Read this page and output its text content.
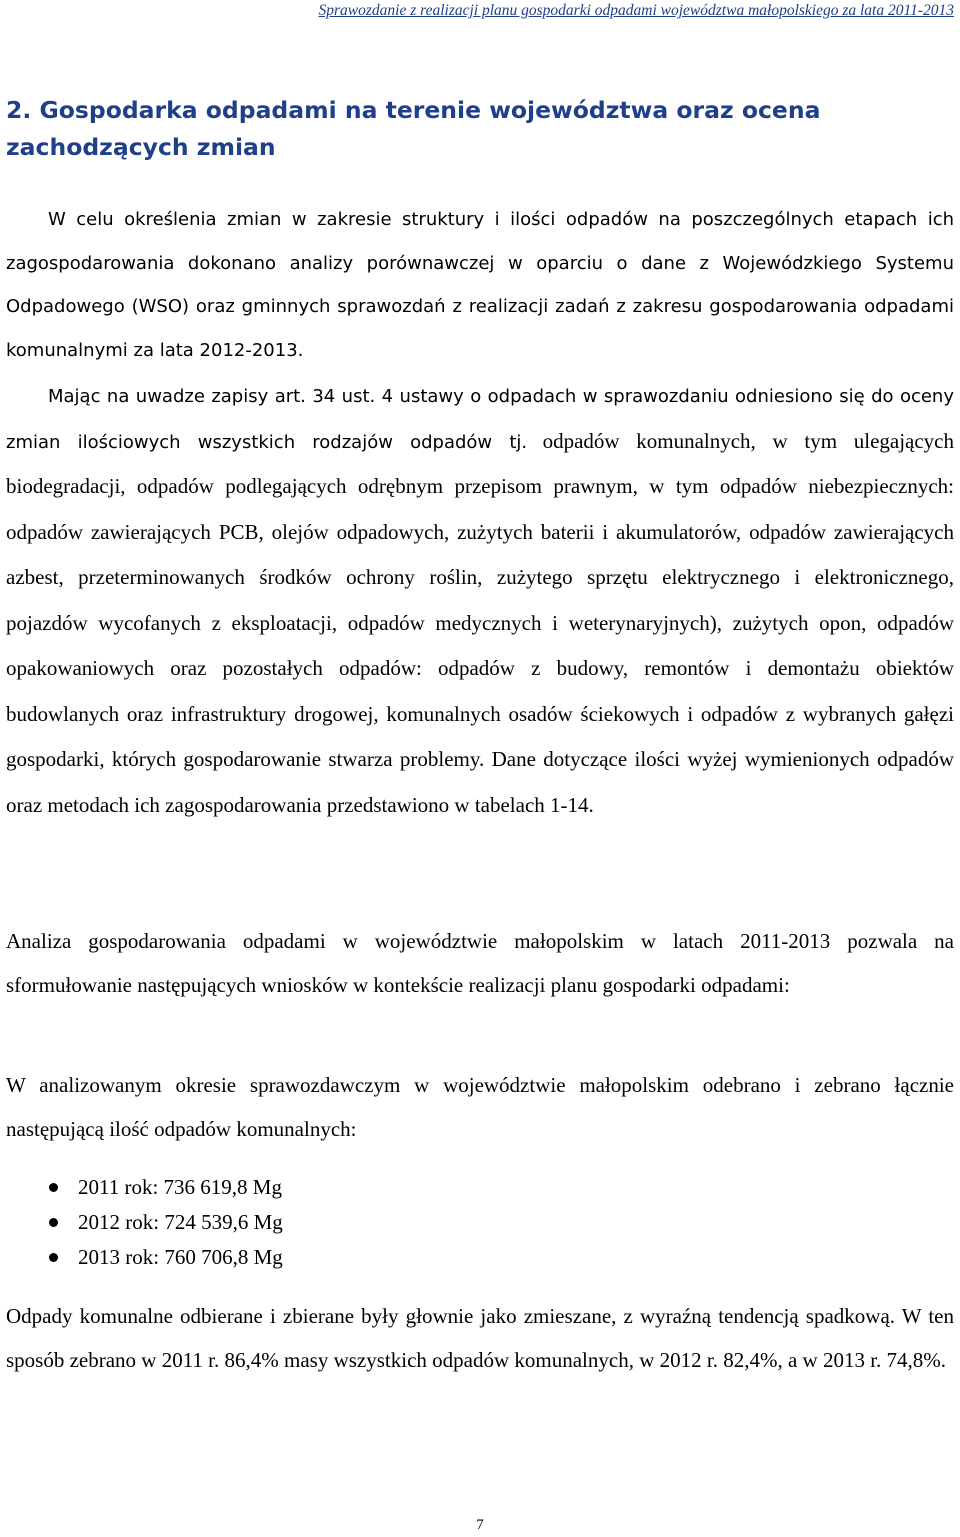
Sprawozdanie z realizacji planu gospodarki odpadami województwa małopolskiego za lata 2011-2013
2. Gospodarka odpadami na terenie województwa oraz ocena zachodzących zmian
W celu określenia zmian w zakresie struktury i ilości odpadów na poszczególnych etapach ich zagospodarowania dokonano analizy porównawczej w oparciu o dane z Wojewódzkiego Systemu Odpadowego (WSO) oraz gminnych sprawozdań z realizacji zadań z zakresu gospodarowania odpadami komunalnymi za lata 2012-2013.
Mając na uwadze zapisy art. 34 ust. 4 ustawy o odpadach w sprawozdaniu odniesiono się do oceny zmian ilościowych wszystkich rodzajów odpadów tj. odpadów komunalnych, w tym ulegających biodegradacji, odpadów podlegających odrębnym przepisom prawnym, w tym odpadów niebezpiecznych: odpadów zawierających PCB, olejów odpadowych, zużytych baterii i akumulatorów, odpadów zawierających azbest, przeterminowanych środków ochrony roślin, zużytego sprzętu elektrycznego i elektronicznego, pojazdów wycofanych z eksploatacji, odpadów medycznych i weterynaryjnych), zużytych opon, odpadów opakowaniowych oraz pozostałych odpadów: odpadów z budowy, remontów i demontażu obiektów budowlanych oraz infrastruktury drogowej, komunalnych osadów ściekowych i odpadów z wybranych gałęzi gospodarki, których gospodarowanie stwarza problemy. Dane dotyczące ilości wyżej wymienionych odpadów oraz metodach ich zagospodarowania przedstawiono w tabelach 1-14.
Analiza gospodarowania odpadami w województwie małopolskim w latach 2011-2013 pozwala na sformułowanie następujących wniosków w kontekście realizacji planu gospodarki odpadami:
W analizowanym okresie sprawozdawczym w województwie małopolskim odebrano i zebrano łącznie następującą ilość odpadów komunalnych:
2011 rok: 736 619,8 Mg
2012 rok: 724 539,6 Mg
2013 rok: 760 706,8 Mg
Odpady komunalne odbierane i zbierane były głownie jako zmieszane, z wyraźną tendencją spadkową. W ten sposób zebrano w 2011 r. 86,4% masy wszystkich odpadów komunalnych, w 2012 r. 82,4%, a w 2013 r. 74,8%.
7
